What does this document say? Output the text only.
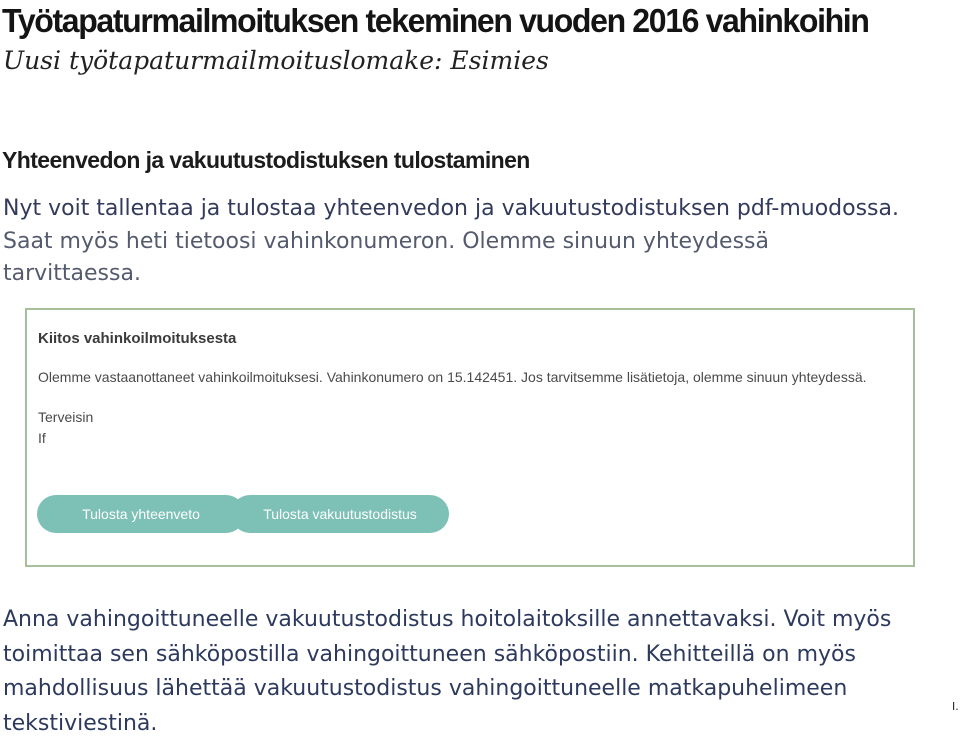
Työtapaturmailmoituksen tekeminen vuoden 2016 vahinkoihin
Uusi työtapaturmailmoituslomake: Esimies
Yhteenvedon ja vakuutustodistuksen tulostaminen

Nyt voit tallentaa ja tulostaa yhteenvedon ja vakuutustodistuksen pdf-muodossa.
Saat myös heti tietoosi vahinkonumeron. Olemme sinuun yhteydessä
tarvittaessa.

Kiitos vahinkoilmoituksesta
Olemme vastaanottaneet vahinkoilmoituksesi. Vahinkonumero on 15.142451. Jos tarvitsemme lisätietoja, olemme sinuun yhteydessä.
Terveisin
If
Tulosta yhteenveto	Tulosta vakuutustodistus

Anna vahingoittuneelle vakuutustodistus hoitolaitoksille annettavaksi. Voit myös
toimittaa sen sähköpostilla vahingoittuneen sähköpostiin. Kehitteillä on myös
mahdollisuus lähettää vakuutustodistus vahingoittuneelle matkapuhelimeen
tekstiviestinä.

I.
